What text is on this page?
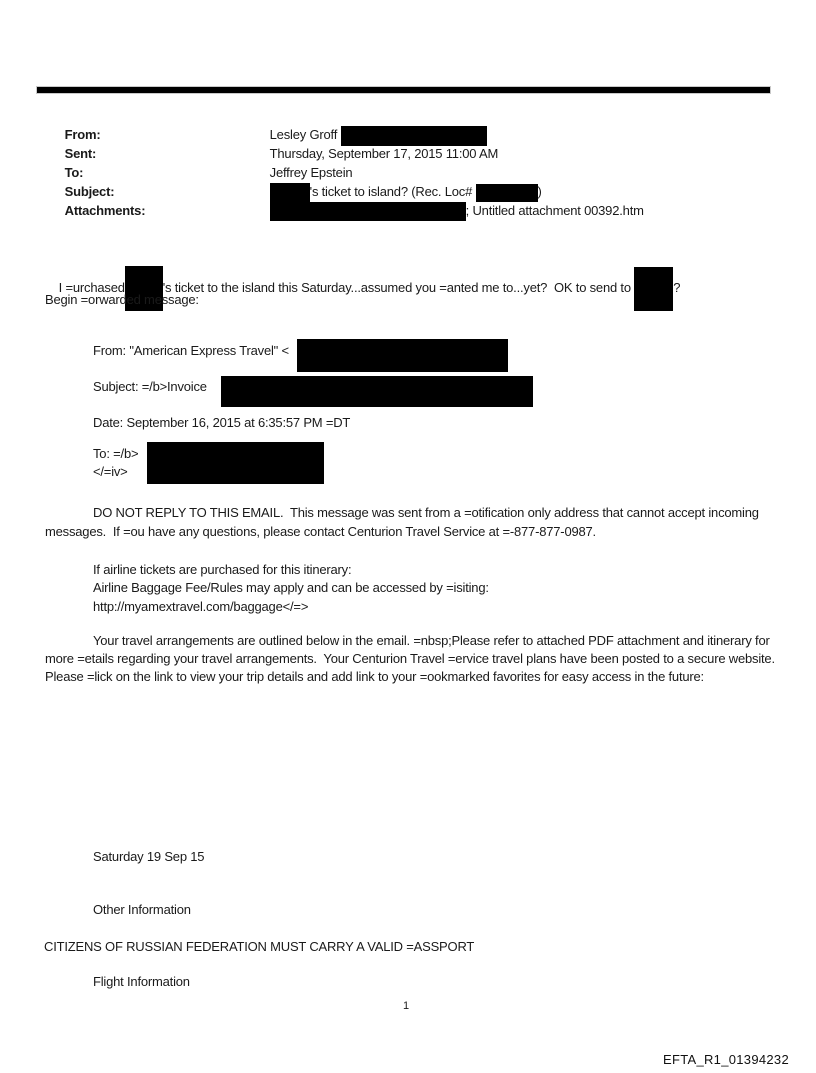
From:	Lesley Groff

Sent:	Thursday, September 17, 2015 11:00 AM

To:	Jeffrey Epstein

Subject:	's ticket to island? (Rec. Loc#	)

Attachments:	; Untitled attachment 00392.htm

I =urchased	's ticket to the island this Saturday...assumed you =anted me to...yet?  OK to send to	?

Begin =orwarded message:
From: "American Express Travel" <
Subject: =/b>Invoice
Date: September 16, 2015 at 6:35:57 PM =DT
To: =/b>
</=iv>
DO NOT REPLY TO THIS EMAIL.  This message was sent from a =otification only address that cannot accept incoming messages.  If =ou have any questions, please contact Centurion Travel Service at =-877-877-0987.
If airline tickets are purchased for this itinerary:
Airline Baggage Fee/Rules may apply and can be accessed by =isiting:
http://myamextravel.com/baggage</=>
Your travel arrangements are outlined below in the email. =nbsp;Please refer to attached PDF attachment and itinerary for more =etails regarding your travel arrangements.  Your Centurion Travel =ervice travel plans have been posted to a secure website.  Please =lick on the link to view your trip details and add link to your =ookmarked favorites for easy access in the future:
Saturday 19 Sep 15
Other Information
CITIZENS OF RUSSIAN FEDERATION MUST CARRY A VALID =ASSPORT
Flight Information
1
EFTA_R1_01394232
